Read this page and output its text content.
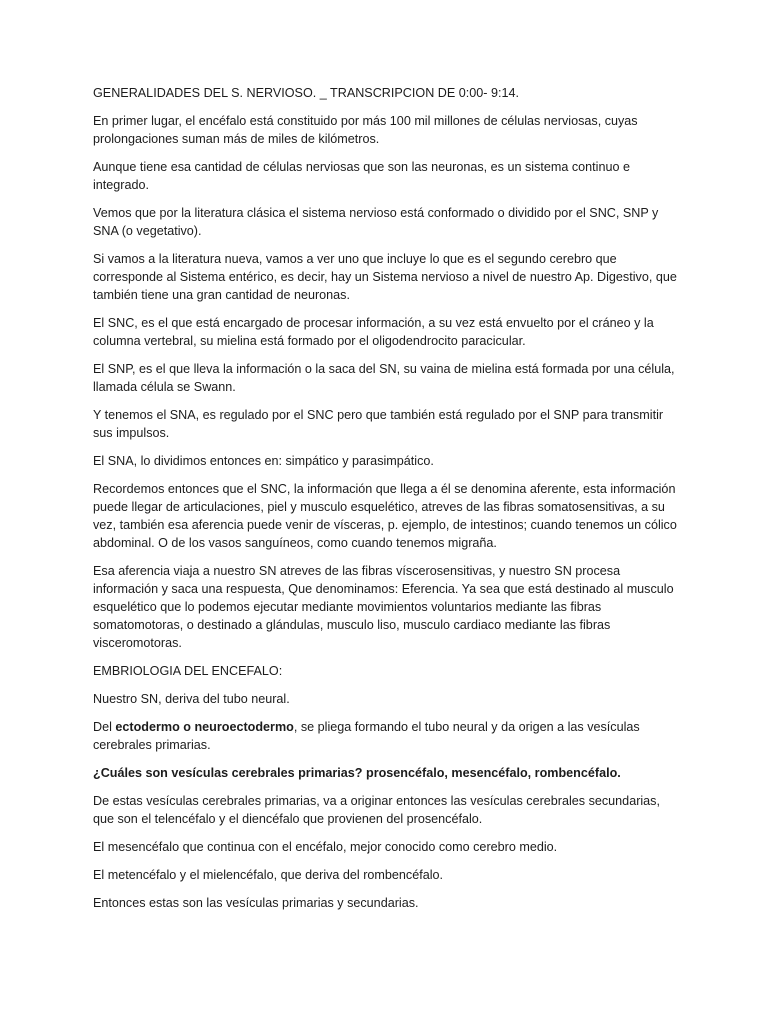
GENERALIDADES DEL S. NERVIOSO. _ TRANSCRIPCION DE 0:00- 9:14.

En primer lugar, el encéfalo está constituido por más 100 mil millones de células nerviosas, cuyas prolongaciones suman más de miles de kilómetros.

Aunque tiene esa cantidad de células nerviosas que son las neuronas, es un sistema continuo e integrado.

Vemos que por la literatura clásica el sistema nervioso está conformado o dividido por el SNC, SNP y SNA (o vegetativo).

Si vamos a la literatura nueva, vamos a ver uno que incluye lo que es el segundo cerebro que corresponde al Sistema entérico, es decir, hay un Sistema nervioso a nivel de nuestro Ap. Digestivo, que también tiene una gran cantidad de neuronas.

El SNC, es el que está encargado de procesar información, a su vez está envuelto por el cráneo y la columna vertebral, su mielina está formado por el oligodendrocito paracicular.

El SNP, es el que lleva la información o la saca del SN, su vaina de mielina está formada por una célula, llamada célula se Swann.

Y tenemos el SNA, es regulado por el SNC pero que también está regulado por el SNP para transmitir sus impulsos.

El SNA, lo dividimos entonces en: simpático y parasimpático.

Recordemos entonces que el SNC, la información que llega a él se denomina aferente, esta información puede llegar de articulaciones, piel y musculo esquelético, atreves de las fibras somatosensitivas, a su vez, también esa aferencia puede venir de vísceras, p. ejemplo, de intestinos; cuando tenemos un cólico abdominal. O de los vasos sanguíneos, como cuando tenemos migraña.

Esa aferencia viaja a nuestro SN atreves de las fibras víscerosensitivas, y nuestro SN procesa información y saca una respuesta, Que denominamos: Eferencia. Ya sea que está destinado al musculo esquelético que lo podemos ejecutar mediante movimientos voluntarios mediante las fibras somatomotoras, o destinado a glándulas, musculo liso, musculo cardiaco mediante las fibras visceromotoras.

EMBRIOLOGIA DEL ENCEFALO:

Nuestro SN, deriva del tubo neural.

Del ectodermo o neuroectodermo, se pliega formando el tubo neural y da origen a las vesículas cerebrales primarias.

¿Cuáles son vesículas cerebrales primarias? prosencéfalo, mesencéfalo, rombencéfalo.

De estas vesículas cerebrales primarias, va a originar entonces las vesículas cerebrales secundarias, que son el telencéfalo y el diencéfalo que provienen del prosencéfalo.

El mesencéfalo que continua con el encéfalo, mejor conocido como cerebro medio.

El metencéfalo y el mielencéfalo, que deriva del rombencéfalo.

Entonces estas son las vesículas primarias y secundarias.
